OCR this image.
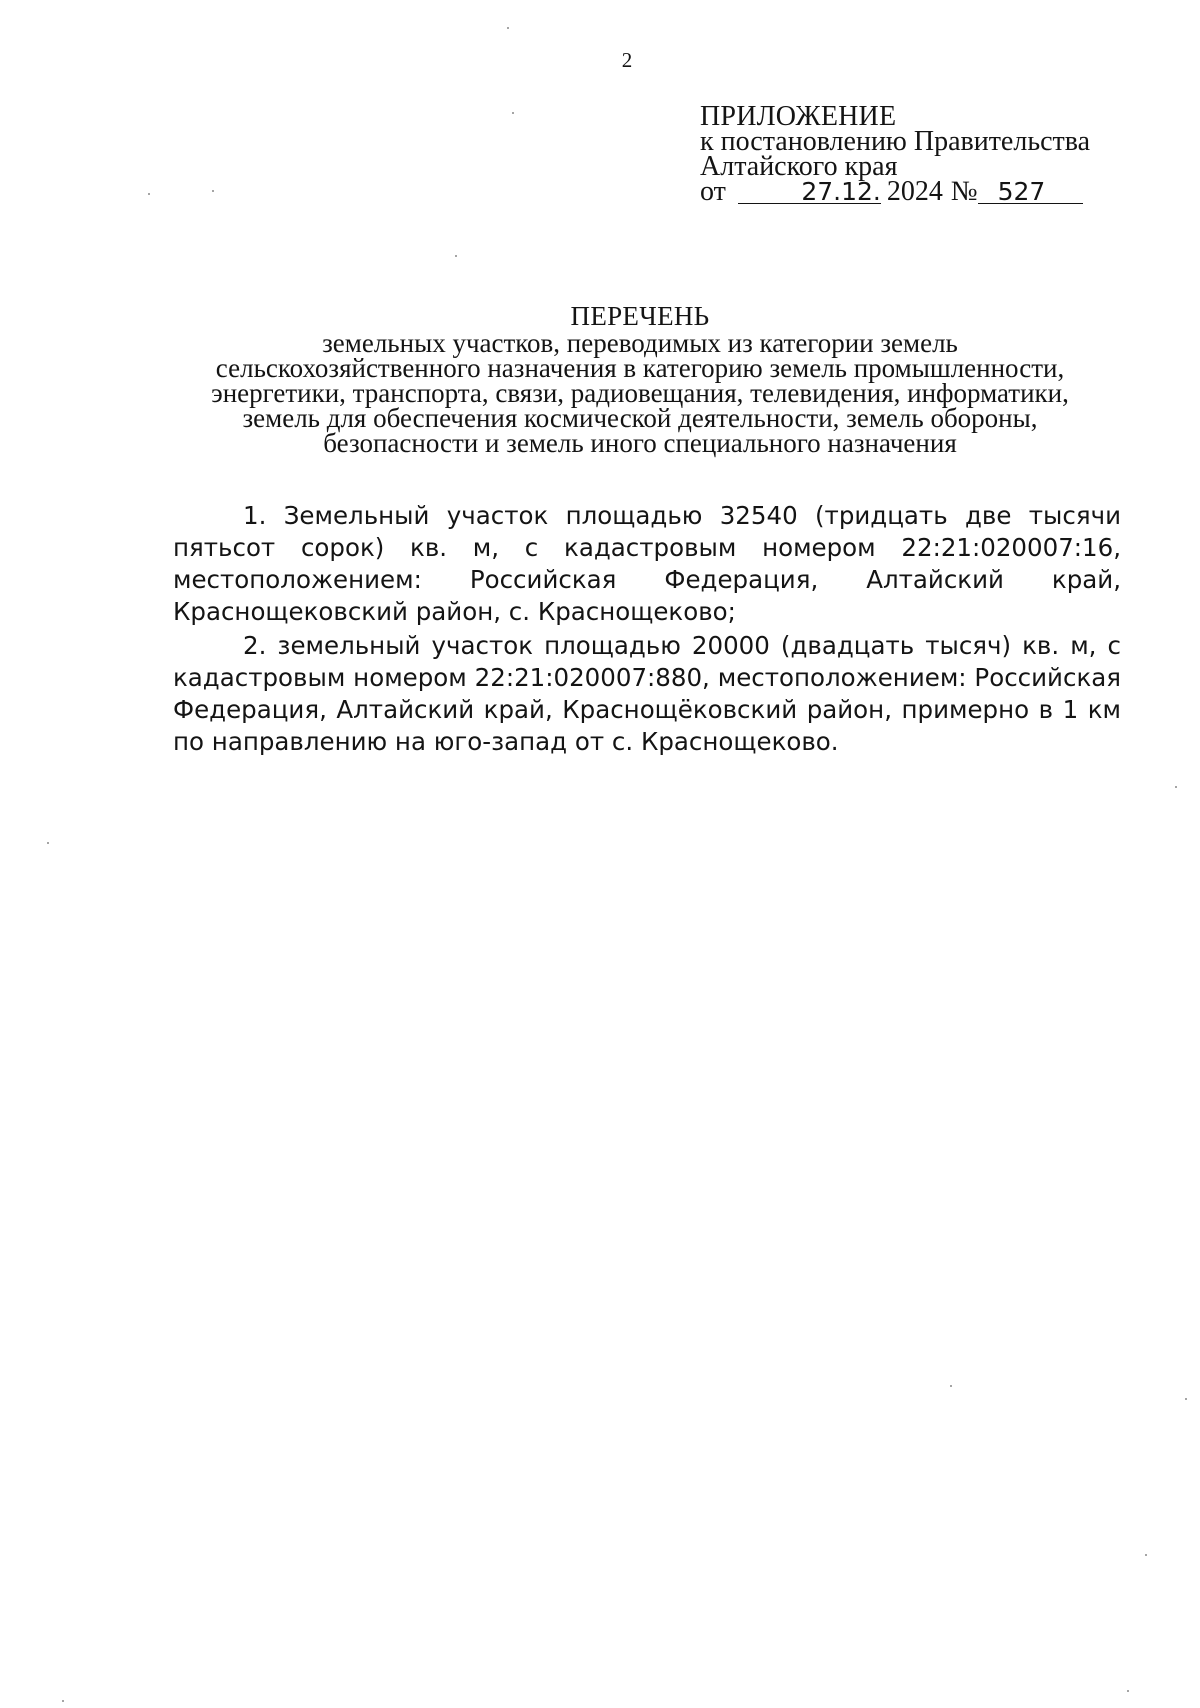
2
ПРИЛОЖЕНИЕ
к постановлению Правительства
Алтайского края
от	27.12. 2024 № 527
ПЕРЕЧЕНЬ
земельных участков, переводимых из категории земель
сельскохозяйственного назначения в категорию земель промышленности,
энергетики, транспорта, связи, радиовещания, телевидения, информатики,
земель для обеспечения космической деятельности, земель обороны,
безопасности и земель иного специального назначения

1. Земельный участок площадью 32540 (тридцать две тысячи пятьсот сорок) кв. м, с кадастровым номером 22:21:020007:16, местоположением: Российская Федерация, Алтайский край, Краснощековский район, с. Краснощеково;

2. земельный участок площадью 20000 (двадцать тысяч) кв. м, с кадастровым номером 22:21:020007:880, местоположением: Российская Федерация, Алтайский край, Краснощёковский район, примерно в 1 км по направлению на юго-запад от с. Краснощеково.
